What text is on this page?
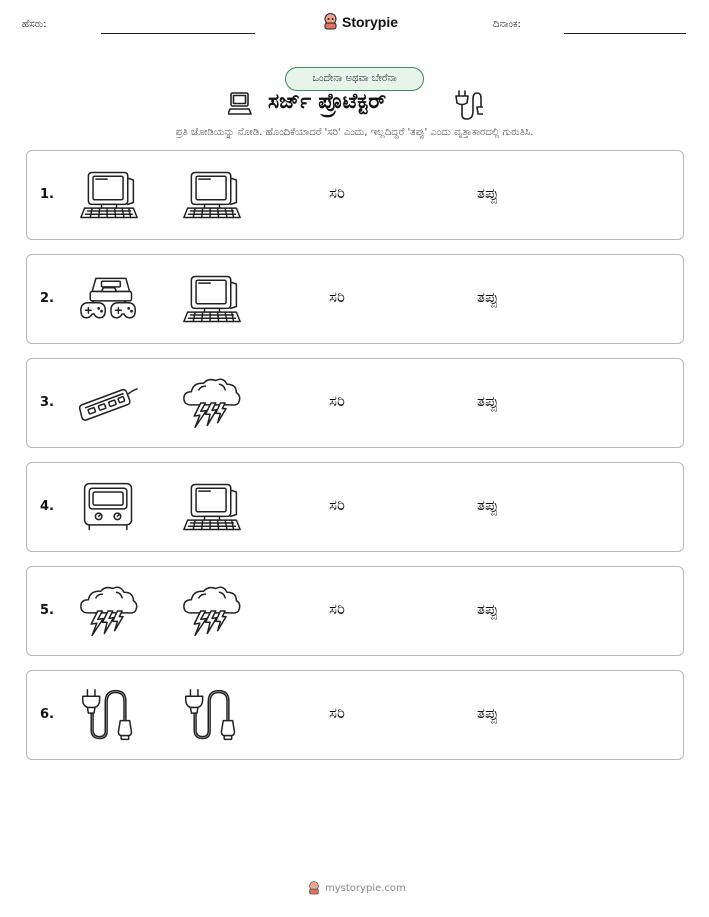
ಹೆಸರು:	Storypie	ದಿನಾಂಕ:
ಒಂದೇನಾ ಅಥವಾ ಬೇರೆನಾ
ಸರ್ಜ್ ಪ್ರೊಟೆಕ್ಟರ್
ಪ್ರತಿ ಜೋಡಿಯನ್ನು ನೋಡಿ. ಹೊಂದಿಕೆಯಾದರೆ 'ಸರಿ' ಎಂದು, ಇಲ್ಲದಿದ್ದರೆ 'ತಪ್ಪು' ಎಂದು ವೃತ್ತಾಕಾರದಲ್ಲಿ ಗುರುತಿಸಿ.
1.	ಸರಿ	ತಪ್ಪು
2.	ಸರಿ	ತಪ್ಪು
3.	ಸರಿ	ತಪ್ಪು
4.	ಸರಿ	ತಪ್ಪು
5.	ಸರಿ	ತಪ್ಪು
6.	ಸರಿ	ತಪ್ಪು
mystorypie.com
